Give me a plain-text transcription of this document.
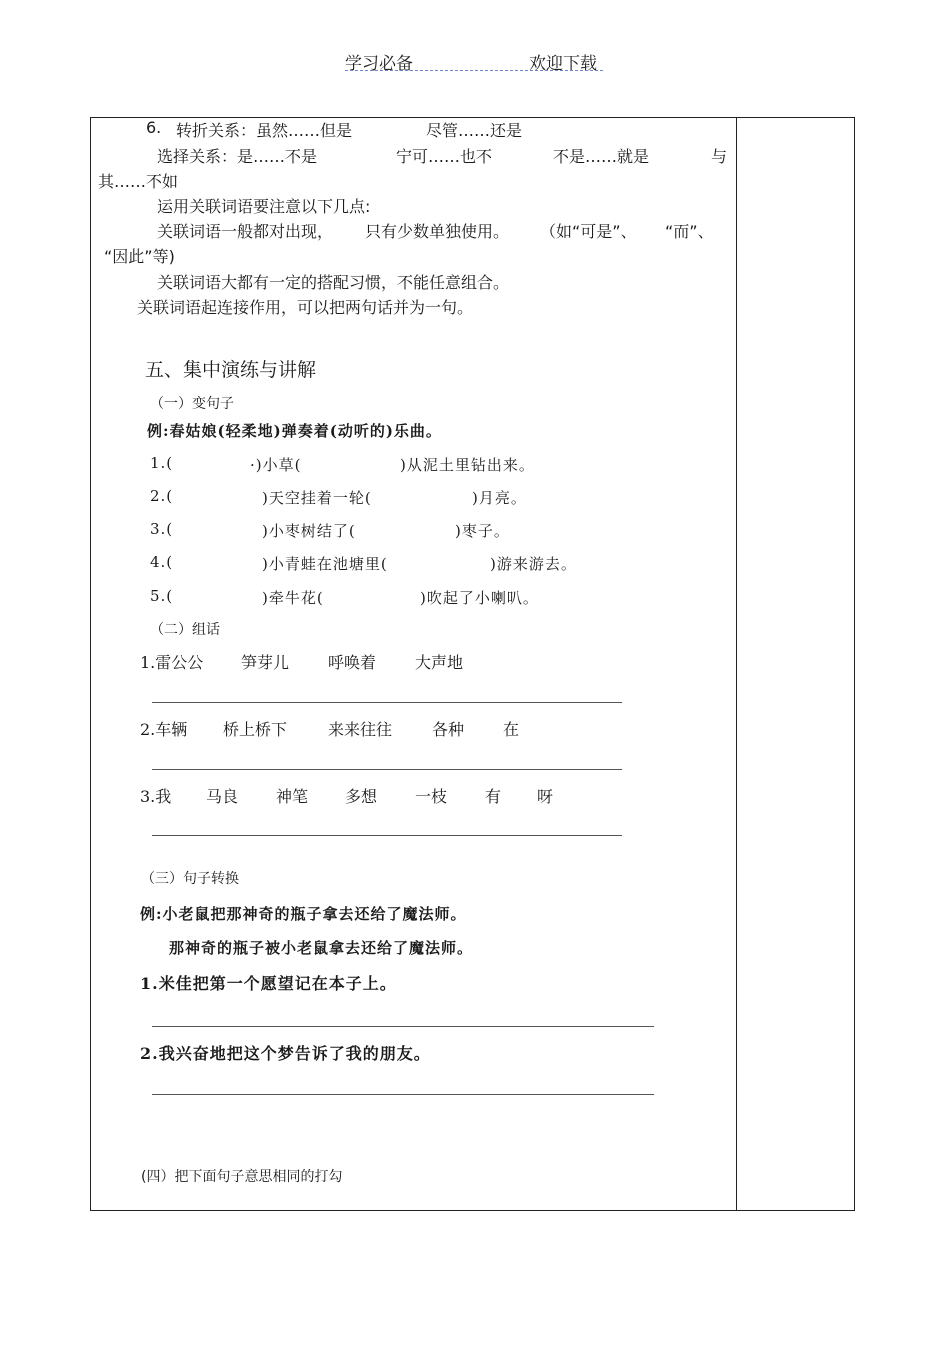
学习必备	欢迎下载
6. 转折关系：虽然……但是	尽管……还是
选择关系：是……不是	宁可……也不	不是……就是	与
其……不如
运用关联词语要注意以下几点:
关联词语一般都对出现， 只有少数单独使用。 （如“可是”、 “而”、
“因此”等)
关联词语大都有一定的搭配习惯，不能任意组合。
关联词语起连接作用，可以把两句话并为一句。
五、集中演练与讲解
（一）变句子
例:春姑娘(轻柔地)弹奏着(动听的)乐曲。
1.(	·)小草(	)从泥土里钻出来。
2.(	)天空挂着一轮(	)月亮。
3.(	)小枣树结了(	)枣子。
4.(	)小青蛙在池塘里(	)游来游去。
5.(	)牵牛花(	)吹起了小喇叭。
（二）组话
1.雷公公 笋芽儿 呼唤着 大声地
2.车辆 桥上桥下	来来往往 各种 在
3.我 马良 神笔 多想 一枝 有 呀
（三）句子转换
例:小老鼠把那神奇的瓶子拿去还给了魔法师。
那神奇的瓶子被小老鼠拿去还给了魔法师。
1.米佳把第一个愿望记在本子上。
2.我兴奋地把这个梦告诉了我的朋友。
(四）把下面句子意思相同的打勾
